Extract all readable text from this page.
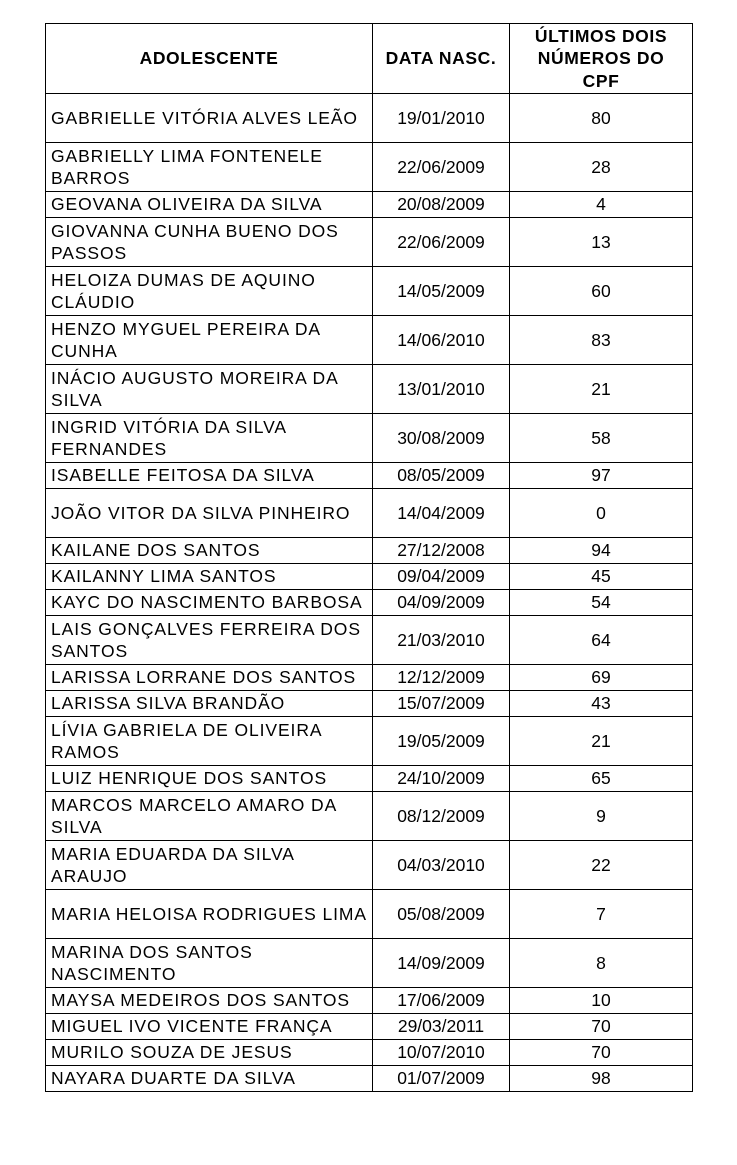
ADOLESCENTE	DATA NASC.	ÚLTIMOS DOIS NÚMEROS DO CPF
GABRIELLE VITÓRIA ALVES LEÃO	19/01/2010	80
GABRIELLY LIMA FONTENELE BARROS	22/06/2009	28
GEOVANA OLIVEIRA DA SILVA	20/08/2009	4
GIOVANNA CUNHA BUENO DOS PASSOS	22/06/2009	13
HELOIZA DUMAS DE AQUINO CLÁUDIO	14/05/2009	60
HENZO MYGUEL PEREIRA DA CUNHA	14/06/2010	83
INÁCIO AUGUSTO MOREIRA DA SILVA	13/01/2010	21
INGRID VITÓRIA DA SILVA FERNANDES	30/08/2009	58
ISABELLE FEITOSA DA SILVA	08/05/2009	97
JOÃO VITOR DA SILVA PINHEIRO	14/04/2009	0
KAILANE DOS SANTOS	27/12/2008	94
KAILANNY LIMA SANTOS	09/04/2009	45
KAYC DO NASCIMENTO BARBOSA	04/09/2009	54
LAIS GONÇALVES FERREIRA DOS SANTOS	21/03/2010	64
LARISSA LORRANE DOS SANTOS	12/12/2009	69
LARISSA SILVA BRANDÃO	15/07/2009	43
LÍVIA GABRIELA DE OLIVEIRA RAMOS	19/05/2009	21
LUIZ HENRIQUE DOS SANTOS	24/10/2009	65
MARCOS MARCELO AMARO DA SILVA	08/12/2009	9
MARIA EDUARDA DA SILVA ARAUJO	04/03/2010	22
MARIA HELOISA RODRIGUES LIMA	05/08/2009	7
MARINA DOS SANTOS NASCIMENTO	14/09/2009	8
MAYSA MEDEIROS DOS SANTOS	17/06/2009	10
MIGUEL IVO VICENTE FRANÇA	29/03/2011	70
MURILO SOUZA DE JESUS	10/07/2010	70
NAYARA DUARTE DA SILVA	01/07/2009	98
